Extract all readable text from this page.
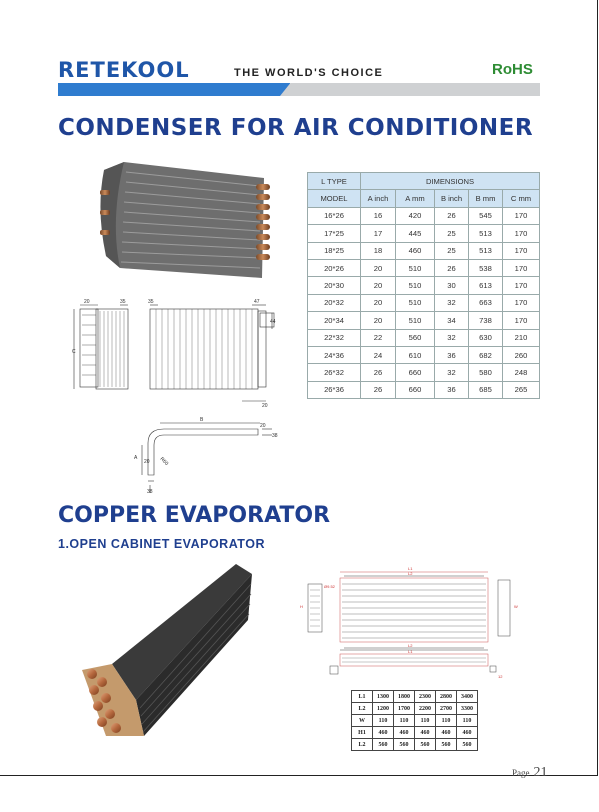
RETEKOOL	THE WORLD'S CHOICE	RoHS
CONDENSER FOR AIR CONDITIONER
20	35	35	47
C
44
20
B
A	R60
20
38
20
38
L TYPE	DIMENSIONS				
MODEL	A inch	A mm	B inch	B mm	C mm
16*26	16	420	26	545	170
17*25	17	445	25	513	170
18*25	18	460	25	513	170
20*26	20	510	26	538	170
20*30	20	510	30	613	170
20*32	20	510	32	663	170
20*34	20	510	34	738	170
22*32	22	560	32	630	210
24*36	24	610	36	682	260
26*32	26	660	32	580	248
26*36	26	660	36	685	265
COPPER EVAPORATOR
1.OPEN CABINET EVAPORATOR
L1
L2
L2
L1
H	W
Ø9.52
12
L1	1300	1800	2300	2800	3400
L2	1200	1700	2200	2700	3300
W	110	110	110	110	110
H1	460	460	460	460	460
L2	560	560	560	560	560
Page 21
